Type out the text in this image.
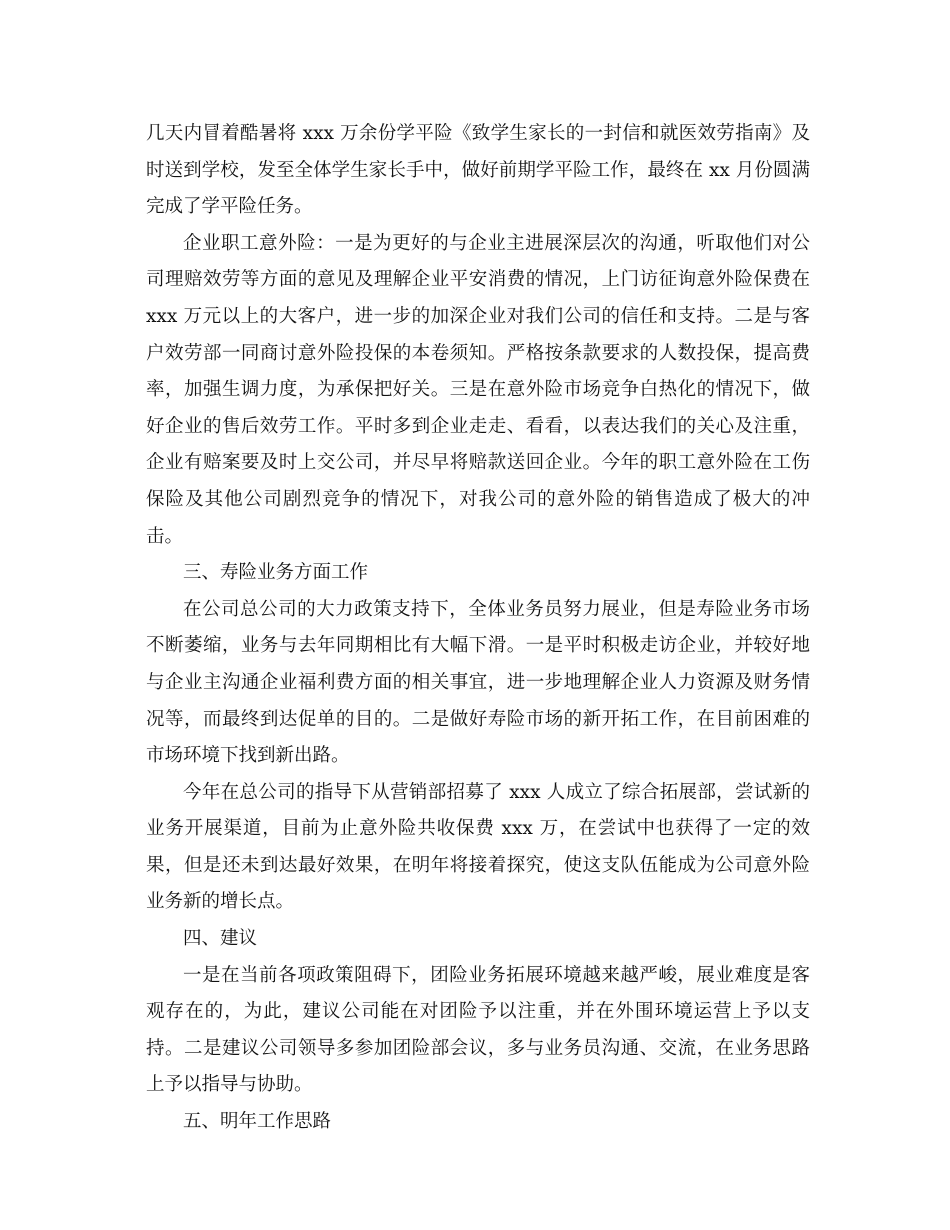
几天内冒着酷暑将 xxx 万余份学平险《致学生家长的一封信和就医效劳指南》及时送到学校，发至全体学生家长手中，做好前期学平险工作，最终在 xx 月份圆满完成了学平险任务。

企业职工意外险：一是为更好的与企业主进展深层次的沟通，听取他们对公司理赔效劳等方面的意见及理解企业平安消费的情况，上门访征询意外险保费在 xxx 万元以上的大客户，进一步的加深企业对我们公司的信任和支持。二是与客户效劳部一同商讨意外险投保的本卷须知。严格按条款要求的人数投保，提高费率，加强生调力度，为承保把好关。三是在意外险市场竞争白热化的情况下，做好企业的售后效劳工作。平时多到企业走走、看看，以表达我们的关心及注重，企业有赔案要及时上交公司，并尽早将赔款送回企业。今年的职工意外险在工伤保险及其他公司剧烈竞争的情况下，对我公司的意外险的销售造成了极大的冲击。

三、寿险业务方面工作

在公司总公司的大力政策支持下，全体业务员努力展业，但是寿险业务市场不断萎缩，业务与去年同期相比有大幅下滑。一是平时积极走访企业，并较好地与企业主沟通企业福利费方面的相关事宜，进一步地理解企业人力资源及财务情况等，而最终到达促单的目的。二是做好寿险市场的新开拓工作，在目前困难的市场环境下找到新出路。

今年在总公司的指导下从营销部招募了 xxx 人成立了综合拓展部，尝试新的业务开展渠道，目前为止意外险共收保费 xxx 万，在尝试中也获得了一定的效果，但是还未到达最好效果，在明年将接着探究，使这支队伍能成为公司意外险业务新的增长点。

四、建议

一是在当前各项政策阻碍下，团险业务拓展环境越来越严峻，展业难度是客观存在的，为此，建议公司能在对团险予以注重，并在外围环境运营上予以支持。二是建议公司领导多参加团险部会议，多与业务员沟通、交流，在业务思路上予以指导与协助。

五、明年工作思路
